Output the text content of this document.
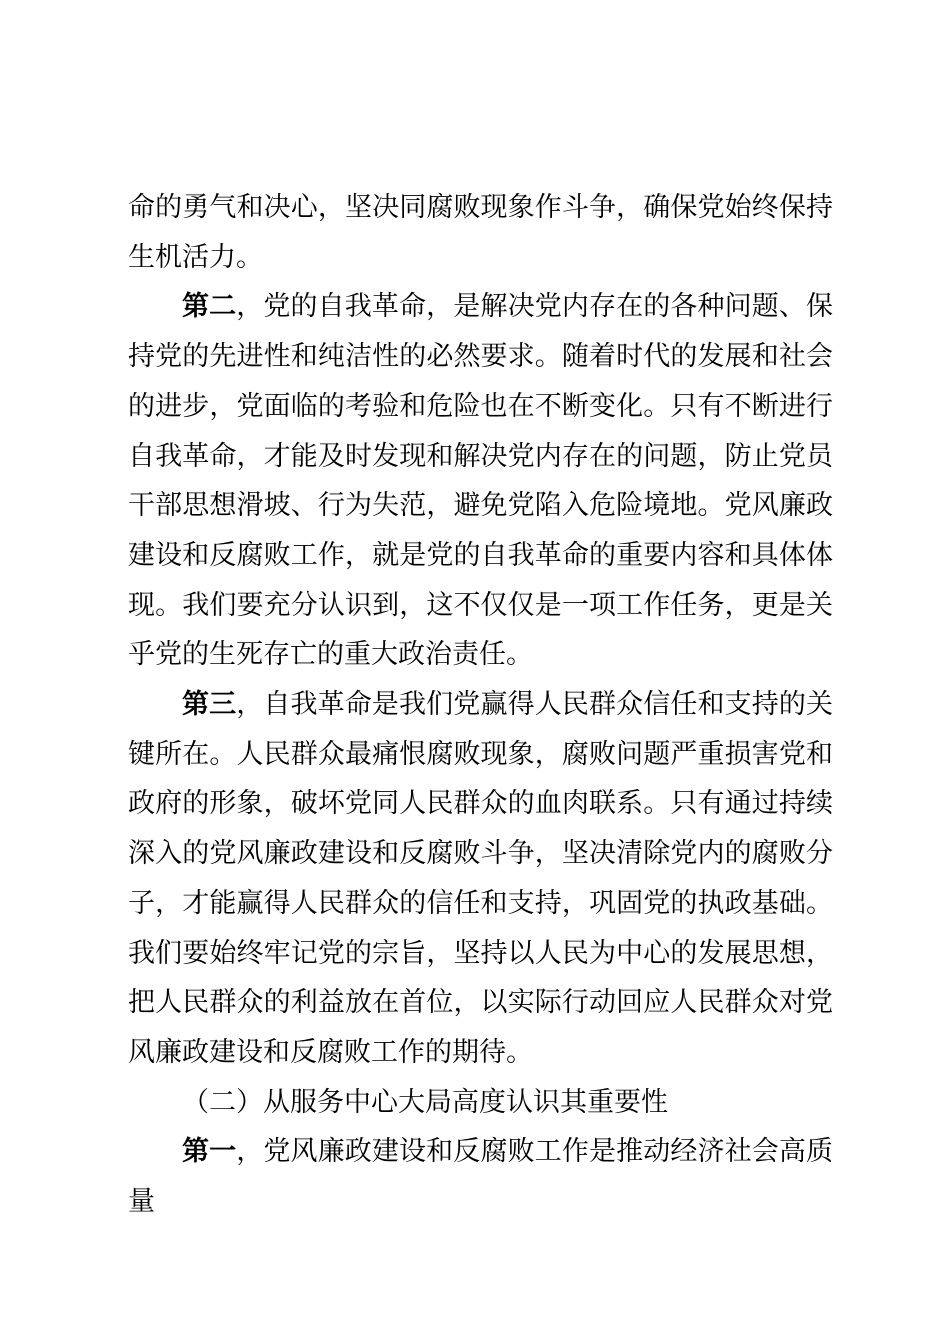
命的勇气和决心，坚决同腐败现象作斗争，确保党始终保持生机活力。

第二，党的自我革命，是解决党内存在的各种问题、保持党的先进性和纯洁性的必然要求。随着时代的发展和社会的进步，党面临的考验和危险也在不断变化。只有不断进行自我革命，才能及时发现和解决党内存在的问题，防止党员干部思想滑坡、行为失范，避免党陷入危险境地。党风廉政建设和反腐败工作，就是党的自我革命的重要内容和具体体现。我们要充分认识到，这不仅仅是一项工作任务，更是关乎党的生死存亡的重大政治责任。

第三，自我革命是我们党赢得人民群众信任和支持的关键所在。人民群众最痛恨腐败现象，腐败问题严重损害党和政府的形象，破坏党同人民群众的血肉联系。只有通过持续深入的党风廉政建设和反腐败斗争，坚决清除党内的腐败分子，才能赢得人民群众的信任和支持，巩固党的执政基础。我们要始终牢记党的宗旨，坚持以人民为中心的发展思想，把人民群众的利益放在首位，以实际行动回应人民群众对党风廉政建设和反腐败工作的期待。

（二）从服务中心大局高度认识其重要性

第一，党风廉政建设和反腐败工作是推动经济社会高质量
